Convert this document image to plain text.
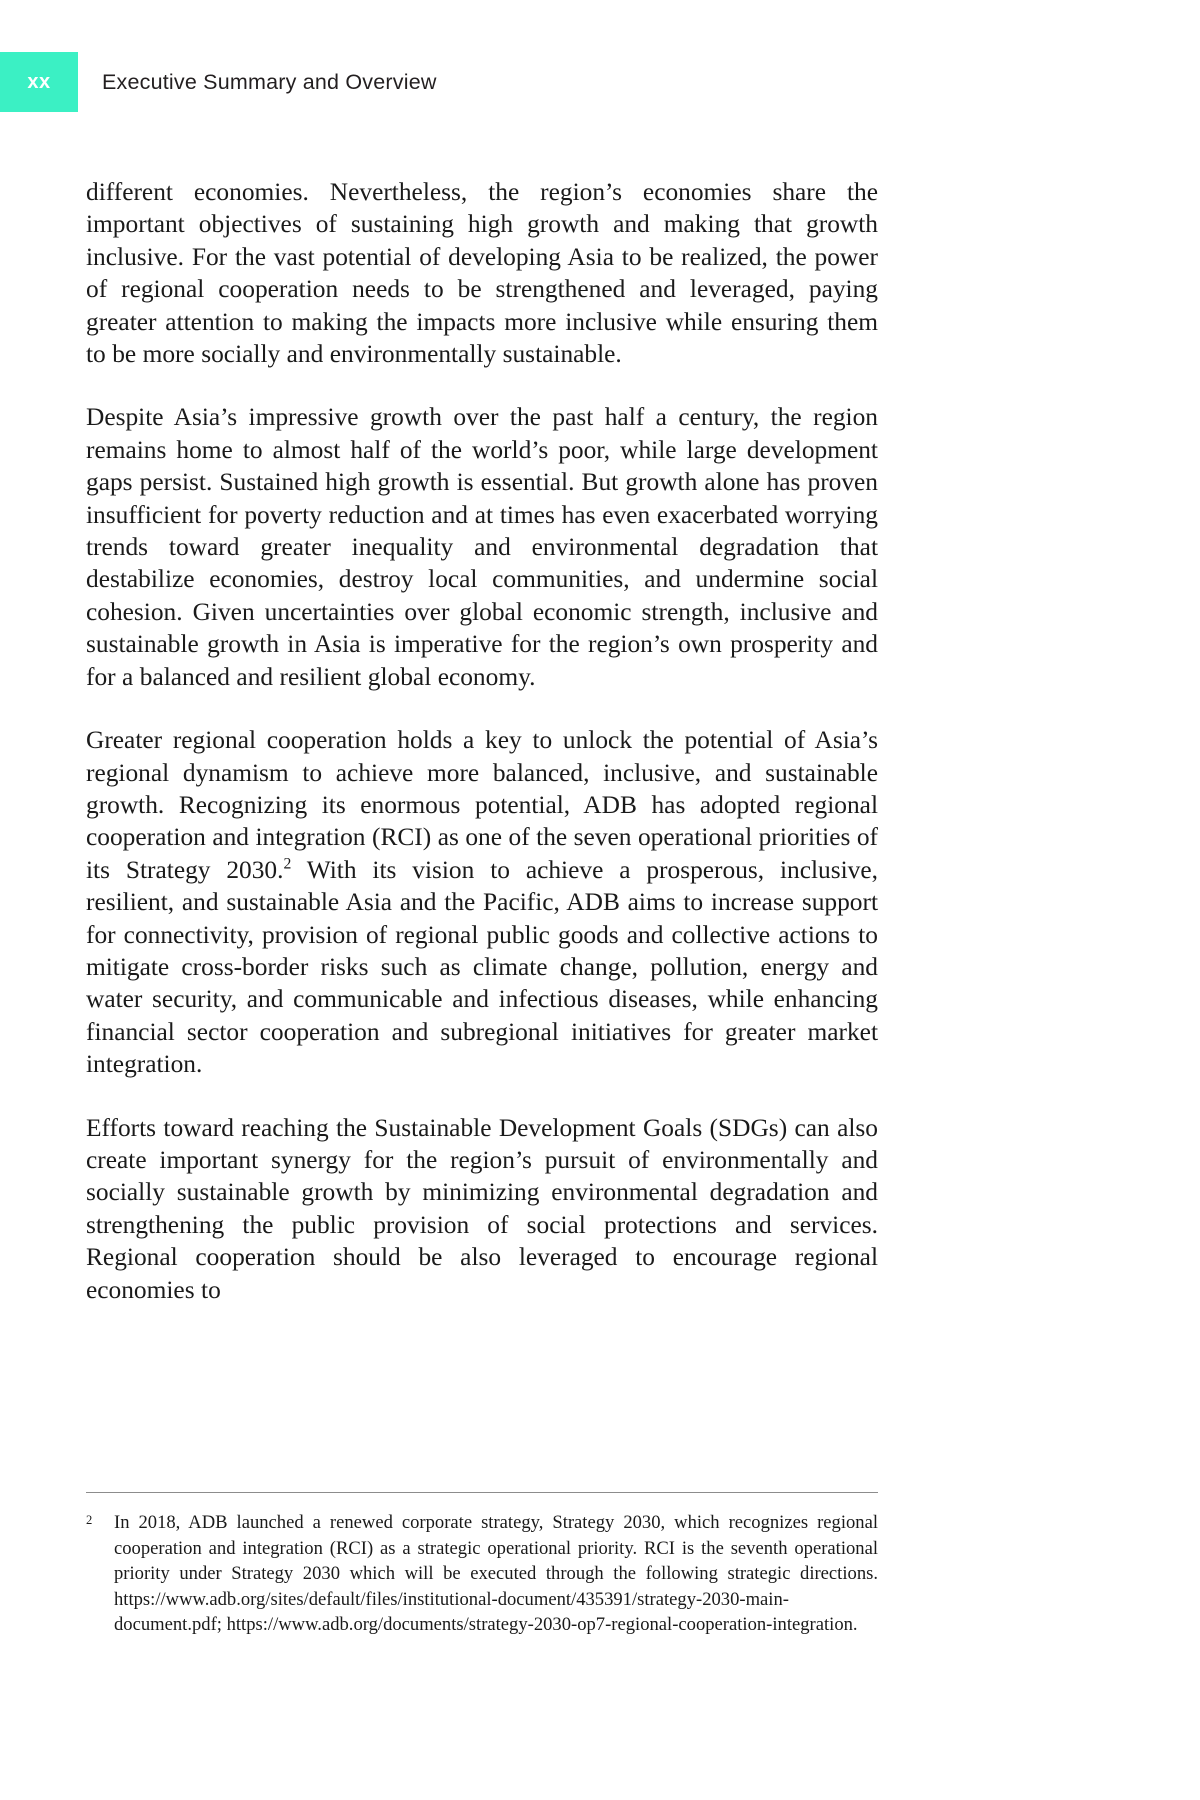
xx Executive Summary and Overview

different economies. Nevertheless, the region’s economies share the important objectives of sustaining high growth and making that growth inclusive. For the vast potential of developing Asia to be realized, the power of regional cooperation needs to be strengthened and leveraged, paying greater attention to making the impacts more inclusive while ensuring them to be more socially and environmentally sustainable.

Despite Asia’s impressive growth over the past half a century, the region remains home to almost half of the world’s poor, while large development gaps persist. Sustained high growth is essential. But growth alone has proven insufficient for poverty reduction and at times has even exacerbated worrying trends toward greater inequality and environmental degradation that destabilize economies, destroy local communities, and undermine social cohesion. Given uncertainties over global economic strength, inclusive and sustainable growth in Asia is imperative for the region’s own prosperity and for a balanced and resilient global economy.

Greater regional cooperation holds a key to unlock the potential of Asia’s regional dynamism to achieve more balanced, inclusive, and sustainable growth. Recognizing its enormous potential, ADB has adopted regional cooperation and integration (RCI) as one of the seven operational priorities of its Strategy 2030.$^2$ With its vision to achieve a prosperous, inclusive, resilient, and sustainable Asia and the Pacific, ADB aims to increase support for connectivity, provision of regional public goods and collective actions to mitigate cross-border risks such as climate change, pollution, energy and water security, and communicable and infectious diseases, while enhancing financial sector cooperation and subregional initiatives for greater market integration.

Efforts toward reaching the Sustainable Development Goals (SDGs) can also create important synergy for the region’s pursuit of environmentally and socially sustainable growth by minimizing environmental degradation and strengthening the public provision of social protections and services. Regional cooperation should be also leveraged to encourage regional economies to

2 In 2018, ADB launched a renewed corporate strategy, Strategy 2030, which recognizes regional cooperation and integration (RCI) as a strategic operational priority. RCI is the seventh operational priority under Strategy 2030 which will be executed through the following strategic directions. https://www.adb.org/sites/default/files/institutional-document/435391/strategy-2030-main-document.pdf; https://www.adb.org/documents/strategy-2030-op7-regional-cooperation-integration.
